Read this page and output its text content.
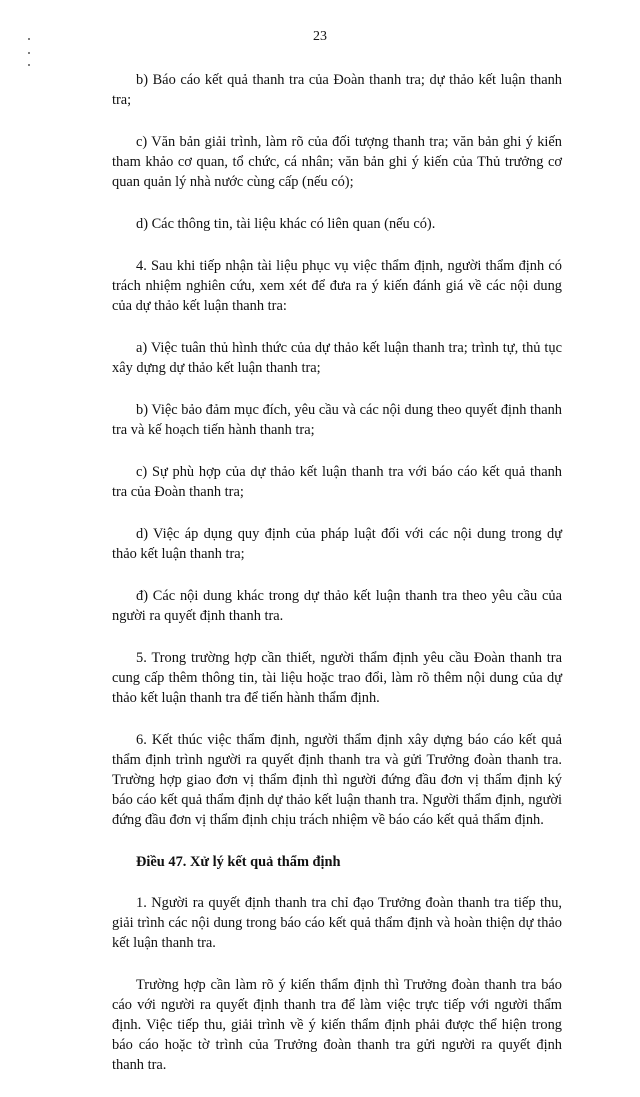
23

b) Báo cáo kết quả thanh tra của Đoàn thanh tra; dự thảo kết luận thanh tra;

c) Văn bản giải trình, làm rõ của đối tượng thanh tra; văn bản ghi ý kiến tham khảo cơ quan, tổ chức, cá nhân; văn bản ghi ý kiến của Thủ trưởng cơ quan quản lý nhà nước cùng cấp (nếu có);

d) Các thông tin, tài liệu khác có liên quan (nếu có).

4. Sau khi tiếp nhận tài liệu phục vụ việc thẩm định, người thẩm định có trách nhiệm nghiên cứu, xem xét để đưa ra ý kiến đánh giá về các nội dung của dự thảo kết luận thanh tra:

a) Việc tuân thủ hình thức của dự thảo kết luận thanh tra; trình tự, thủ tục xây dựng dự thảo kết luận thanh tra;

b) Việc bảo đảm mục đích, yêu cầu và các nội dung theo quyết định thanh tra và kế hoạch tiến hành thanh tra;

c) Sự phù hợp của dự thảo kết luận thanh tra với báo cáo kết quả thanh tra của Đoàn thanh tra;

d) Việc áp dụng quy định của pháp luật đối với các nội dung trong dự thảo kết luận thanh tra;

đ) Các nội dung khác trong dự thảo kết luận thanh tra theo yêu cầu của người ra quyết định thanh tra.

5. Trong trường hợp cần thiết, người thẩm định yêu cầu Đoàn thanh tra cung cấp thêm thông tin, tài liệu hoặc trao đổi, làm rõ thêm nội dung của dự thảo kết luận thanh tra để tiến hành thẩm định.

6. Kết thúc việc thẩm định, người thẩm định xây dựng báo cáo kết quả thẩm định trình người ra quyết định thanh tra và gửi Trưởng đoàn thanh tra. Trường hợp giao đơn vị thẩm định thì người đứng đầu đơn vị thẩm định ký báo cáo kết quả thẩm định dự thảo kết luận thanh tra. Người thẩm định, người đứng đầu đơn vị thẩm định chịu trách nhiệm về báo cáo kết quả thẩm định.

Điều 47. Xử lý kết quả thẩm định

1. Người ra quyết định thanh tra chỉ đạo Trưởng đoàn thanh tra tiếp thu, giải trình các nội dung trong báo cáo kết quả thẩm định và hoàn thiện dự thảo kết luận thanh tra.

Trường hợp cần làm rõ ý kiến thẩm định thì Trưởng đoàn thanh tra báo cáo với người ra quyết định thanh tra để làm việc trực tiếp với người thẩm định. Việc tiếp thu, giải trình về ý kiến thẩm định phải được thể hiện trong báo cáo hoặc tờ trình của Trưởng đoàn thanh tra gửi người ra quyết định thanh tra.
